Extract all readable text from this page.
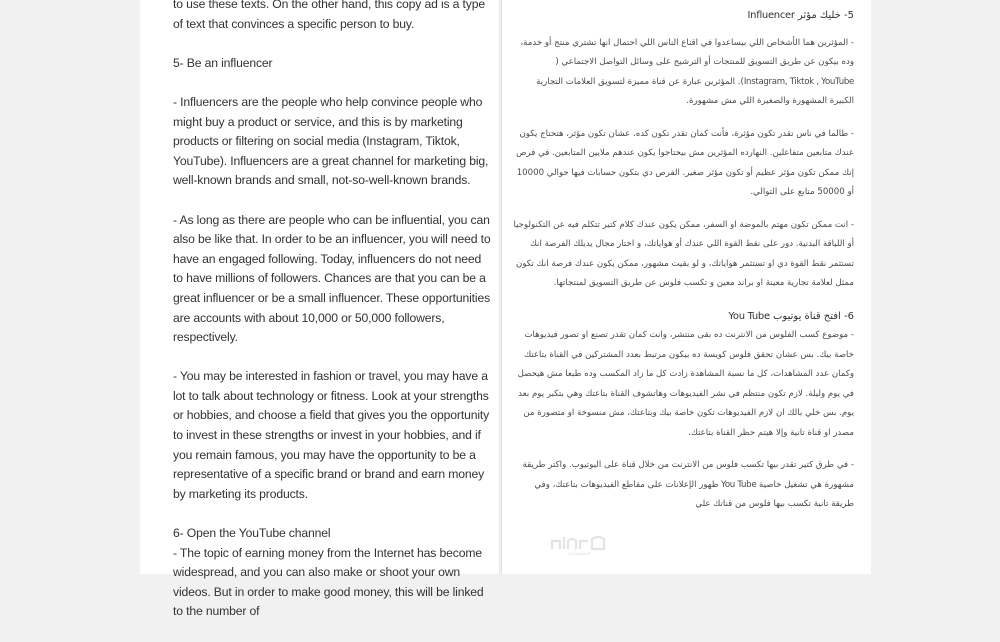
to use these texts. On the other hand, this copy ad is a type of text that convinces a specific person to buy.

5- Be an influencer

- Influencers are the people who help convince people who might buy a product or service, and this is by marketing products or filtering on social media (Instagram, Tiktok, YouTube). Influencers are a great channel for marketing big, well-known brands and small, not-so-well-known brands.

- As long as there are people who can be influential, you can also be like that. In order to be an influencer, you will need to have an engaged following. Today, influencers do not need to have millions of followers. Chances are that you can be a great influencer or be a small influencer. These opportunities are accounts with about 10,000 or 50,000 followers, respectively.

- You may be interested in fashion or travel, you may have a lot to talk about technology or fitness. Look at your strengths or hobbies, and choose a field that gives you the opportunity to invest in these strengths or invest in your hobbies, and if you remain famous, you may have the opportunity to be a representative of a specific brand or brand and earn money by marketing its products.

6- Open the YouTube channel

- The topic of earning money from the Internet has become widespread, and you can also make or shoot your own videos. But in order to make good money, this will be linked to the number of

5- خليك مؤثر Influencer

- المؤثرين هما الأشخاص اللي بيساعدوا في اقناع الناس اللي احتمال انها تشتري منتج أو خدمة، وده بيكون عن طريق التسويق للمنتجات أو الترشيح على وسائل التواصل الاجتماعي ( Instagram, Tiktok , YouTube). المؤثرين عبارة عن قناة مميزة لتسويق العلامات التجارية الكبيرة المشهورة والصغيرة اللي مش مشهورة.

- طالما في ناس تقدر تكون مؤثرة، فأنت كمان تقدر تكون كده. عشان تكون مؤثر، هتحتاج يكون عندك متابعين متفاعلين. النهارده المؤثرين مش بيحتاجوا يكون عندهم ملايين المتابعين. في فرص إنك ممكن تكون مؤثر عظيم أو تكون مؤثر صغير. الفرص دي بتكون حسابات فيها حوالي 10000 أو 50000 متابع على التوالي.

- انت ممكن تكون مهتم بالموضة او السفر، ممكن يكون عندك كلام كتير تتكلم فيه عن التكنولوجيا أو اللياقة البدنية. دور على نقط القوة اللي عندك أو هواياتك، و اختار مجال يديلك الفرصة انك تستثمر نقط القوة دي او تستثمر هواياتك، و لو بقيت مشهور، ممكن يكون عندك فرصة انك تكون ممثل لعلامة تجارية معينة او براند معين و تكسب فلوس عن طريق التسويق لمنتجاتها.

6- افتح قناة يوتيوب You Tube

- موضوع كسب الفلوس من الانترنت ده بقى منتشر، وانت كمان تقدر تصنع او تصور فيديوهات خاصة بيك. بس عشان تحقق فلوس كويسة ده بيكون مرتبط بعدد المشتركين في القناة بتاعتك وكمان عدد المشاهدات، كل ما نسبة المشاهدة زادت كل ما زاد المكسب وده طبعا مش هيحصل في يوم وليلة. لازم تكون منتظم في نشر الفيديوهات وهاتشوف القناة بتاعتك وهي بتكبر يوم بعد يوم. بس خلي بالك ان لازم الفيديوهات تكون خاصة بيك وبتاعتك، مش منسوخة او متصورة من مصدر او قناة تانية وإلا هيتم حظر القناة بتاعتك.

- في طرق كتير تقدر بيها تكسب فلوس من الانترنت من خلال قناة على اليوتيوب. واكتر طريقة مشهورة هي تشغيل خاصية You Tube ظهور الإعلانات على مقاطع الفيديوهات بتاعتك، وفي طريقة تانية تكسب بيها فلوس من قناتك علي

خمسات
